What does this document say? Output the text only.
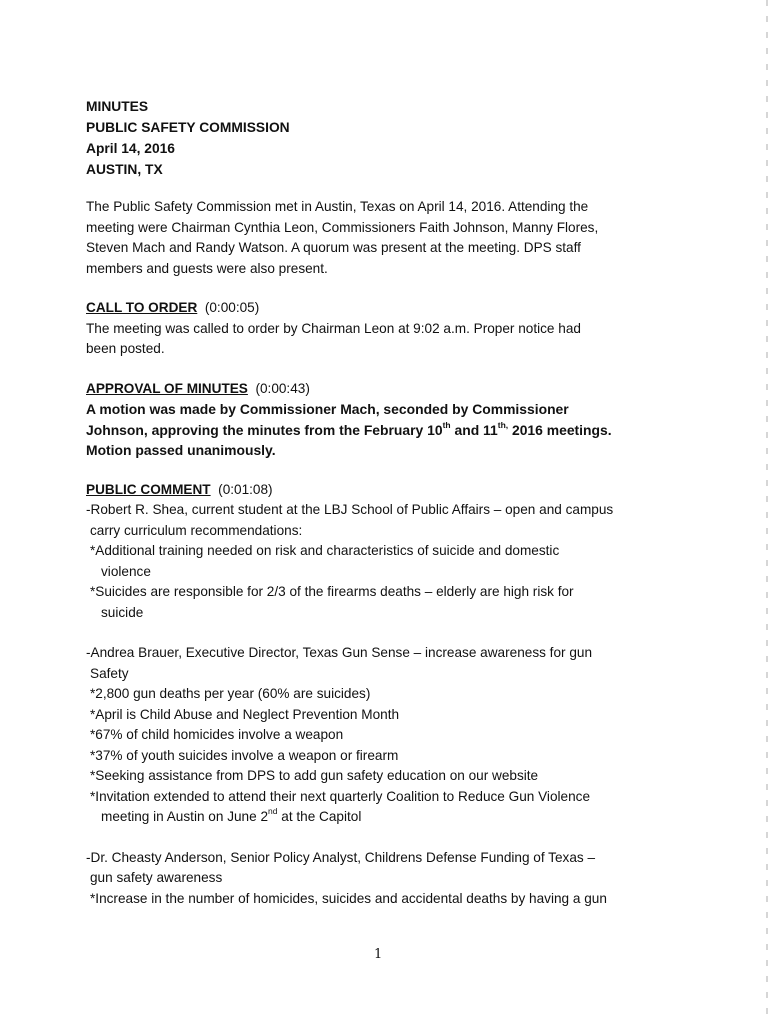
MINUTES
PUBLIC SAFETY COMMISSION
April 14, 2016
AUSTIN, TX
The Public Safety Commission met in Austin, Texas on April 14, 2016. Attending the
meeting were Chairman Cynthia Leon, Commissioners Faith Johnson, Manny Flores,
Steven Mach and Randy Watson. A quorum was present at the meeting. DPS staff
members and guests were also present.
CALL TO ORDER (0:00:05)
The meeting was called to order by Chairman Leon at 9:02 a.m. Proper notice had
been posted.
APPROVAL OF MINUTES (0:00:43)
A motion was made by Commissioner Mach, seconded by Commissioner
Johnson, approving the minutes from the February 10th and $11^{th,}$ 2016 meetings.
Motion passed unanimously.
PUBLIC COMMENT (0:01:08)
-Robert R. Shea, current student at the LBJ School of Public Affairs – open and campus
carry curriculum recommendations:
*Additional training needed on risk and characteristics of suicide and domestic
violence
*Suicides are responsible for 2/3 of the firearms deaths – elderly are high risk for
suicide
-Andrea Brauer, Executive Director, Texas Gun Sense – increase awareness for gun
Safety
*2,800 gun deaths per year (60% are suicides)
*April is Child Abuse and Neglect Prevention Month
*67% of child homicides involve a weapon
*37% of youth suicides involve a weapon or firearm
*Seeking assistance from DPS to add gun safety education on our website
*Invitation extended to attend their next quarterly Coalition to Reduce Gun Violence
meeting in Austin on June 2nd at the Capitol
-Dr. Cheasty Anderson, Senior Policy Analyst, Childrens Defense Funding of Texas –
gun safety awareness
*Increase in the number of homicides, suicides and accidental deaths by having a gun
1
